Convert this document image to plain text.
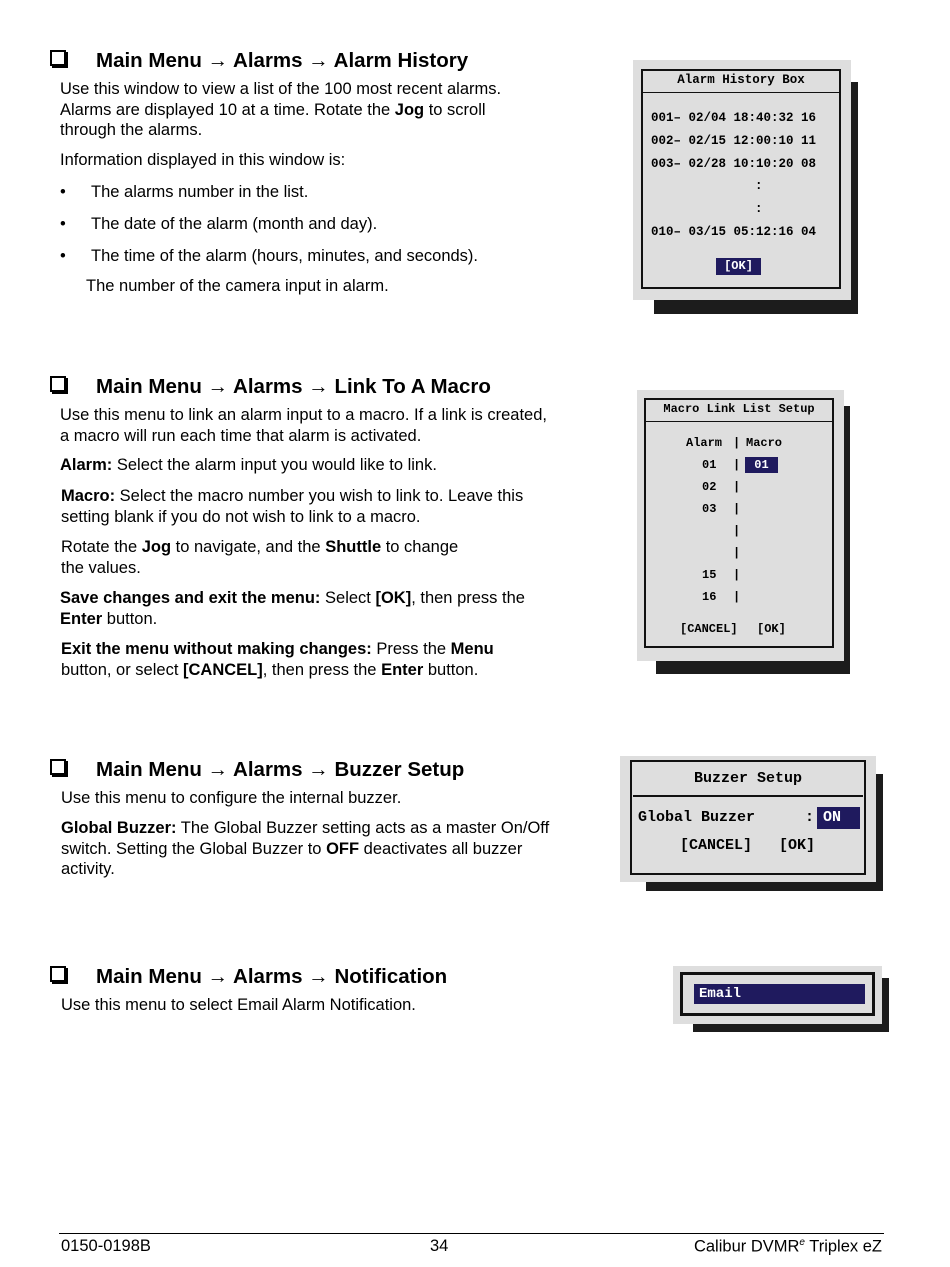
Main Menu → Alarms → Alarm History
Use this window to view a list of the 100 most recent alarms.
Alarms are displayed 10 at a time. Rotate the Jog to scroll
through the alarms.
Information displayed in this window is:
• The alarms number in the list.
• The date of the alarm (month and day).
• The time of the alarm (hours, minutes, and seconds).
The number of the camera input in alarm.
Alarm History Box
001– 02/04 18:40:32 16
002– 02/15 12:00:10 11
003– 02/28 10:10:20 08
:
:
010– 03/15 05:12:16 04
[OK]
Main Menu → Alarms → Link To A Macro
Use this menu to link an alarm input to a macro. If a link is created,
a macro will run each time that alarm is activated.
Alarm: Select the alarm input you would like to link.
Macro: Select the macro number you wish to link to. Leave this
setting blank if you do not wish to link to a macro.
Rotate the Jog to navigate, and the Shuttle to change
the values.
Save changes and exit the menu: Select [OK], then press the
Enter button.
Exit the menu without making changes: Press the Menu
button, or select [CANCEL], then press the Enter button.
Macro Link List Setup
Alarm | Macro
01 |	01
02 |
03 |
|
|
15 |
16 |
[CANCEL] [OK]
Main Menu → Alarms → Buzzer Setup
Use this menu to configure the internal buzzer.
Global Buzzer: The Global Buzzer setting acts as a master On/Off
switch. Setting the Global Buzzer to OFF deactivates all buzzer
activity.
Buzzer Setup
Global Buzzer	: ON
[CANCEL] [OK]
Main Menu → Alarms → Notification
Use this menu to select Email Alarm Notification.
Email
0150-0198B	34	Calibur DVMR$^e$ Triplex eZ
